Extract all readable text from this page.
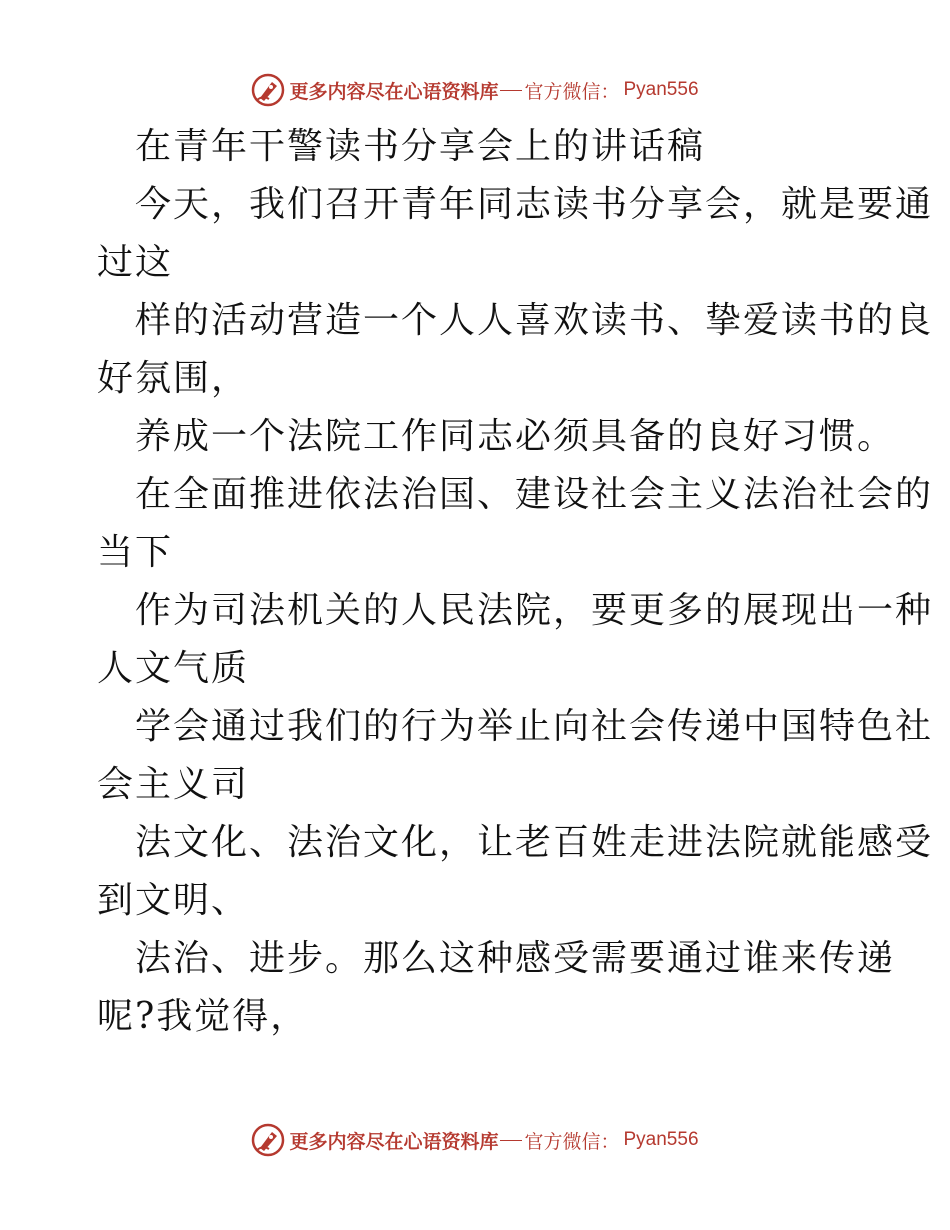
更多内容尽在心语资料库 官方微信： Pyan556
在青年干警读书分享会上的讲话稿
今天，我们召开青年同志读书分享会，就是要通
过这
样的活动营造一个人人喜欢读书、挚爱读书的良
好氛围，
养成一个法院工作同志必须具备的良好习惯。
在全面推进依法治国、建设社会主义法治社会的
当下
作为司法机关的人民法院，要更多的展现出一种
人文气质
学会通过我们的行为举止向社会传递中国特色社
会主义司
法文化、法治文化，让老百姓走进法院就能感受
到文明、
法治、进步。那么这种感受需要通过谁来传递
呢?我觉得，
更多内容尽在心语资料库 官方微信： Pyan556
